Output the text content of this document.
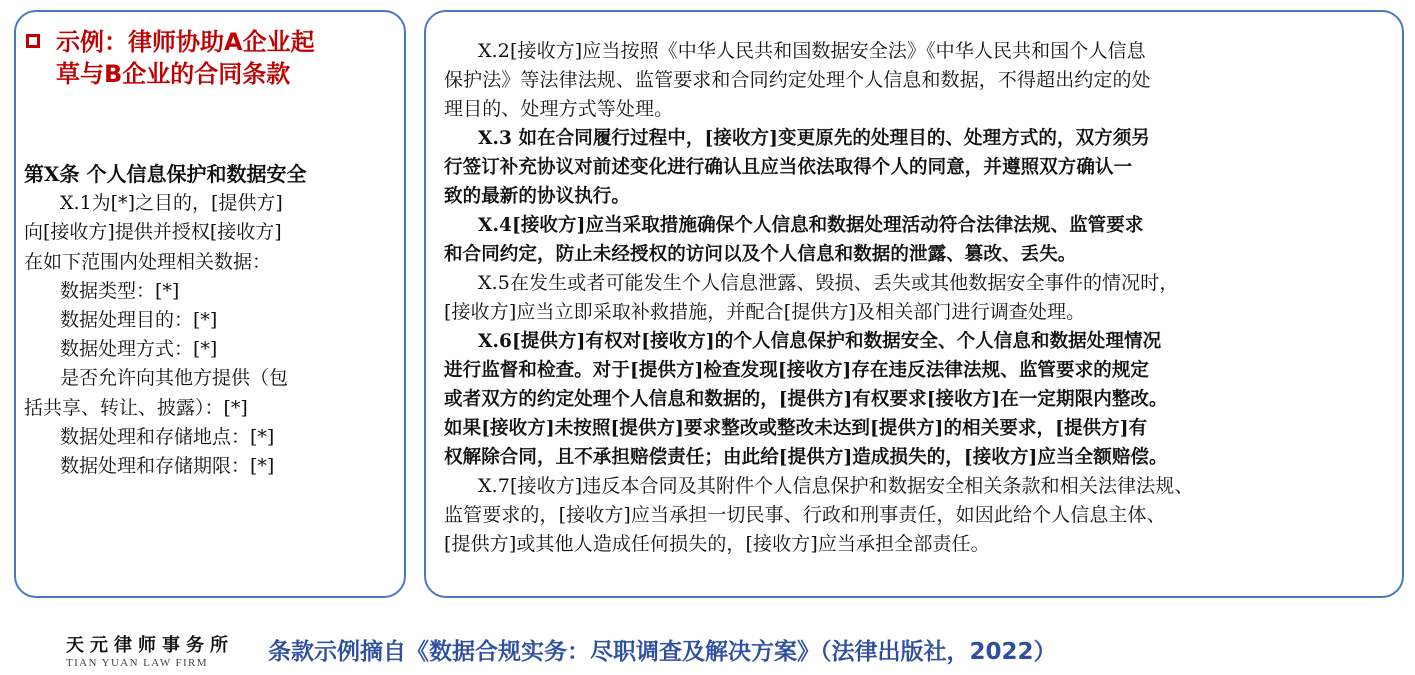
示例：律师协助A企业起
草与B企业的合同条款
第X条 个人信息保护和数据安全
X.1为[*]之目的，[提供方]
向[接收方]提供并授权[接收方]
在如下范围内处理相关数据：
数据类型：[*]
数据处理目的：[*]
数据处理方式：[*]
是否允许向其他方提供（包
括共享、转让、披露）：[*]
数据处理和存储地点：[*]
数据处理和存储期限：[*]
X.2[接收方]应当按照《中华人民共和国数据安全法》《中华人民共和国个人信息
保护法》等法律法规、监管要求和合同约定处理个人信息和数据，不得超出约定的处
理目的、处理方式等处理。
X.3 如在合同履行过程中，[接收方]变更原先的处理目的、处理方式的，双方须另
行签订补充协议对前述变化进行确认且应当依法取得个人的同意，并遵照双方确认一
致的最新的协议执行。
X.4[接收方]应当采取措施确保个人信息和数据处理活动符合法律法规、监管要求
和合同约定，防止未经授权的访问以及个人信息和数据的泄露、篡改、丢失。
X.5在发生或者可能发生个人信息泄露、毁损、丢失或其他数据安全事件的情况时，
[接收方]应当立即采取补救措施，并配合[提供方]及相关部门进行调查处理。
X.6[提供方]有权对[接收方]的个人信息保护和数据安全、个人信息和数据处理情况
进行监督和检查。对于[提供方]检查发现[接收方]存在违反法律法规、监管要求的规定
或者双方的约定处理个人信息和数据的，[提供方]有权要求[接收方]在一定期限内整改。
如果[接收方]未按照[提供方]要求整改或整改未达到[提供方]的相关要求，[提供方]有
权解除合同，且不承担赔偿责任；由此给[提供方]造成损失的，[接收方]应当全额赔偿。
X.7[接收方]违反本合同及其附件个人信息保护和数据安全相关条款和相关法律法规、
监管要求的，[接收方]应当承担一切民事、行政和刑事责任，如因此给个人信息主体、
[提供方]或其他人造成任何损失的，[接收方]应当承担全部责任。
天元律师事务所
TIAN YUAN LAW FIRM	条款示例摘自《数据合规实务：尽职调查及解决方案》（法律出版社，2022）
